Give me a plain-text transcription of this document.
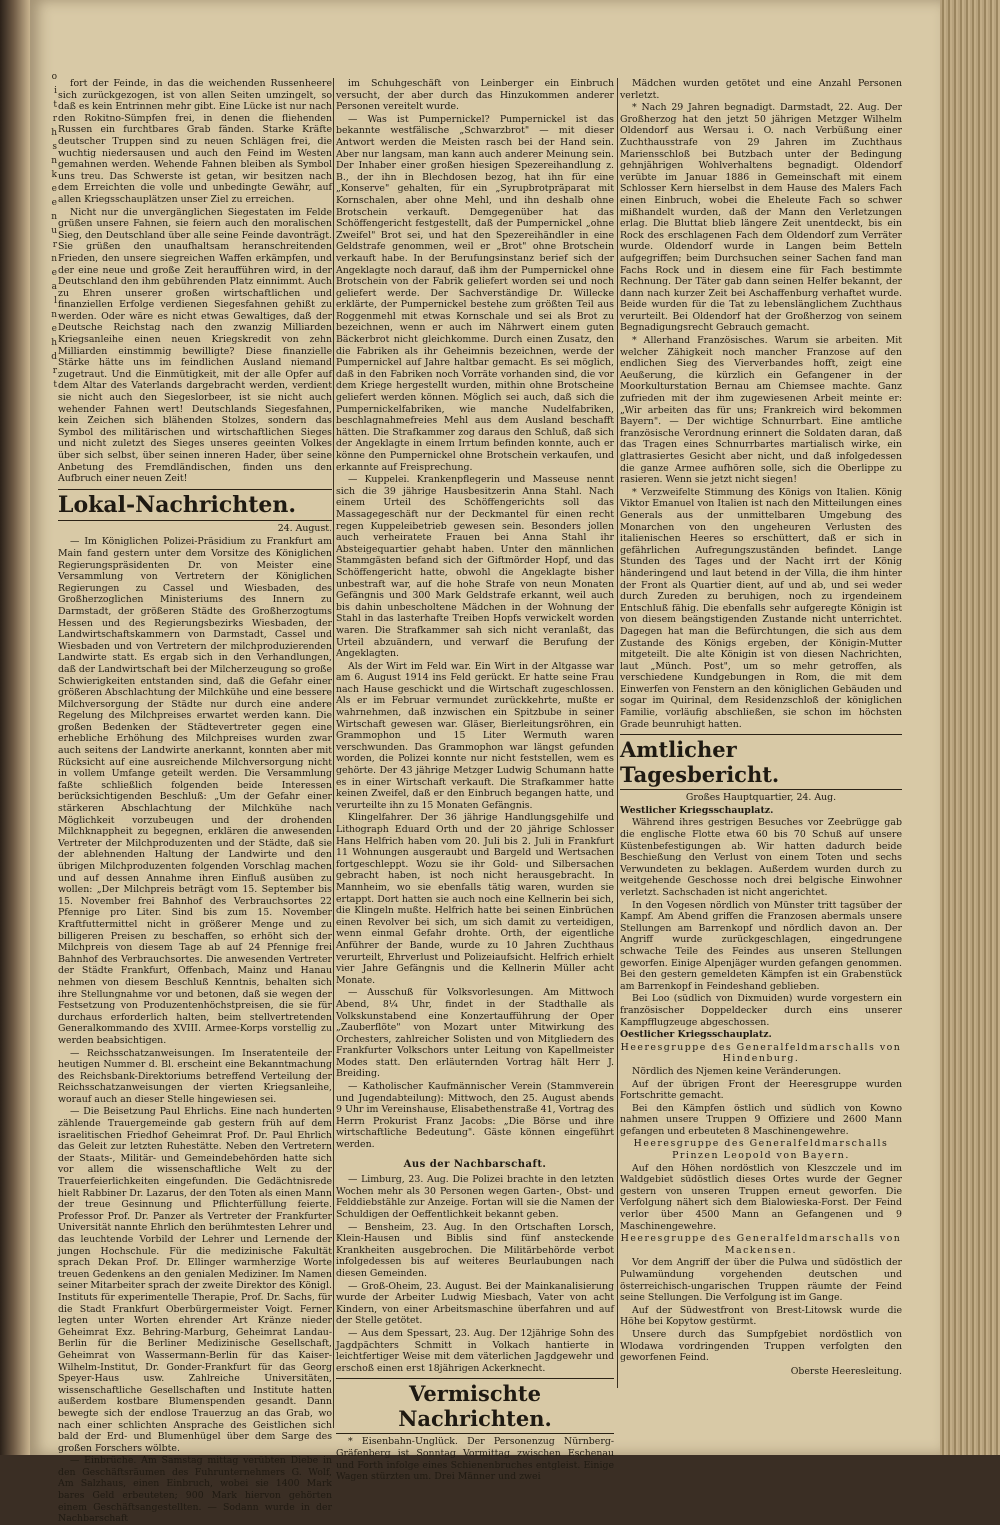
o
i
t
r
h
s
n
k
e
e
n
u
r
n
e
a
l
n
e
h
d
r
t

fort der Feinde, in das die weichenden Russenheere sich zurückgezogen, ist von allen Seiten umzingelt, so daß es kein Entrinnen mehr gibt. Eine Lücke ist nur nach den Rokitno-Sümpfen frei, in denen die fliehenden Russen ein furchtbares Grab fänden. Starke Kräfte deutscher Truppen sind zu neuen Schlägen frei, die wuchtig niedersausen und auch den Feind im Westen gemahnen werden. Wehende Fahnen bleiben als Symbol uns treu. Das Schwerste ist getan, wir besitzen nach dem Erreichten die volle und unbedingte Gewähr, auf allen Kriegsschauplätzen unser Ziel zu erreichen.

Nicht nur die unvergänglichen Siegestaten im Felde grüßen unsere Fahnen, sie feiern auch den moralischen Sieg, den Deutschland über alle seine Feinde davonträgt. Sie grüßen den unaufhaltsam heranschreitenden Frieden, den unsere siegreichen Waffen erkämpfen, und der eine neue und große Zeit heraufführen wird, in der Deutschland den ihm gebührenden Platz einnimmt. Auch zu Ehren unserer großen wirtschaftlichen und finanziellen Erfolge verdienen Siegesfahnen gehißt zu werden. Oder wäre es nicht etwas Gewaltiges, daß der Deutsche Reichstag nach den zwanzig Milliarden Kriegsanleihe einen neuen Kriegskredit von zehn Milliarden einstimmig bewilligte? Diese finanzielle Stärke hätte uns im feindlichen Ausland niemand zugetraut. Und die Einmütigkeit, mit der alle Opfer auf dem Altar des Vaterlands dargebracht werden, verdient sie nicht auch den Siegeslorbeer, ist sie nicht auch wehender Fahnen wert! Deutschlands Siegesfahnen, kein Zeichen sich blähenden Stolzes, sondern das Symbol des militärischen und wirtschaftlichen Sieges und nicht zuletzt des Sieges unseres geeinten Volkes über sich selbst, über seinen inneren Hader, über seine Anbetung des Fremdländischen, finden uns den Aufbruch einer neuen Zeit!

Lokal-Nachrichten.
24. August.

— Im Königlichen Polizei-Präsidium zu Frankfurt am Main fand gestern unter dem Vorsitze des Königlichen Regierungspräsidenten Dr. von Meister eine Versammlung von Vertretern der Königlichen Regierungen zu Cassel und Wiesbaden, des Großherzoglichen Ministeriums des Innern zu Darmstadt, der größeren Städte des Großherzogtums Hessen und des Regierungsbezirks Wiesbaden, der Landwirtschaftskammern von Darmstadt, Cassel und Wiesbaden und von Vertretern der milchproduzierenden Landwirte statt. Es ergab sich in den Verhandlungen, daß der Landwirtschaft bei der Milcherzeugung so große Schwierigkeiten entstanden sind, daß die Gefahr einer größeren Abschlachtung der Milchkühe und eine bessere Milchversorgung der Städte nur durch eine andere Regelung des Milchpreises erwartet werden kann. Die großen Bedenken der Städtevertreter gegen eine erhebliche Erhöhung des Milchpreises wurden zwar auch seitens der Landwirte anerkannt, konnten aber mit Rücksicht auf eine ausreichende Milchversorgung nicht in vollem Umfange geteilt werden. Die Versammlung faßte schließlich folgenden beide Interessen berücksichtigenden Beschluß: „Um der Gefahr einer stärkeren Abschlachtung der Milchkühe nach Möglichkeit vorzubeugen und der drohenden Milchknappheit zu begegnen, erklären die anwesenden Vertreter der Milchproduzenten und der Städte, daß sie der ablehnenden Haltung der Landwirte und den übrigen Milchproduzenten folgenden Vorschlag machen und auf dessen Annahme ihren Einfluß ausüben zu wollen: „Der Milchpreis beträgt vom 15. September bis 15. November frei Bahnhof des Verbrauchsortes 22 Pfennige pro Liter. Sind bis zum 15. November Kraftfuttermittel nicht in größerer Menge und zu billigeren Preisen zu beschaffen, so erhöht sich der Milchpreis von diesem Tage ab auf 24 Pfennige frei Bahnhof des Verbrauchsortes. Die anwesenden Vertreter der Städte Frankfurt, Offenbach, Mainz und Hanau nehmen von diesem Beschluß Kenntnis, behalten sich ihre Stellungnahme vor und betonen, daß sie wegen der Festsetzung von Produzentenhöchstpreisen, die sie für durchaus erforderlich halten, beim stellvertretenden Generalkommando des XVIII. Armee-Korps vorstellig zu werden beabsichtigen.

— Reichsschatzanweisungen. Im Inseratenteile der heutigen Nummer d. Bl. erscheint eine Bekanntmachung des Reichsbank-Direktoriums betreffend Verteilung der Reichsschatzanweisungen der vierten Kriegsanleihe, worauf auch an dieser Stelle hingewiesen sei.

— Die Beisetzung Paul Ehrlichs. Eine nach hunderten zählende Trauergemeinde gab gestern früh auf dem israelitischen Friedhof Geheimrat Prof. Dr. Paul Ehrlich das Geleit zur letzten Ruhestätte. Neben den Vertretern der Staats-, Militär- und Gemeindebehörden hatte sich vor allem die wissenschaftliche Welt zu der Trauerfeierlichkeiten eingefunden. Die Gedächtnisrede hielt Rabbiner Dr. Lazarus, der den Toten als einen Mann der treue Gesinnung und Pflichterfüllung feierte. Professor Prof. Dr. Panzer als Vertreter der Frankfurter Universität nannte Ehrlich den berühmtesten Lehrer und das leuchtende Vorbild der Lehrer und Lernende der jungen Hochschule. Für die medizinische Fakultät sprach Dekan Prof. Dr. Ellinger warmherzige Worte treuen Gedenkens an den genialen Mediziner. Im Namen seiner Mitarbeiter sprach der zweite Direktor des Königl. Instituts für experimentelle Therapie, Prof. Dr. Sachs, für die Stadt Frankfurt Oberbürgermeister Voigt. Ferner legten unter Worten ehrender Art Kränze nieder Geheimrat Exz. Behring-Marburg, Geheimrat Landau-Berlin für die Berliner Medizinische Gesellschaft, Geheimrat von Wassermann-Berlin für das Kaiser-Wilhelm-Institut, Dr. Gonder-Frankfurt für das Georg Speyer-Haus usw. Zahlreiche Universitäten, wissenschaftliche Gesellschaften und Institute hatten außerdem kostbare Blumenspenden gesandt. Dann bewegte sich der endlose Trauerzug an das Grab, wo nach einer schlichten Ansprache des Geistlichen sich bald der Erd- und Blumenhügel über dem Sarge des großen Forschers wölbte.

— Einbrüche. Am Samstag mittag verübten Diebe in den Geschäftsräumen des Fuhrunternehmers G. Wolf, Am Salzhaus, einen Einbruch, wobei sie 1400 Mark bares Geld erbeuteten; 900 Mark hiervon gehörten einem Geschäftsangestellten. — Sodann wurde in der Nachbarschaft

im Schuhgeschäft von Leinberger ein Einbruch versucht, der aber durch das Hinzukommen anderer Personen vereitelt wurde.

— Was ist Pumpernickel? Pumpernickel ist das bekannte westfälische „Schwarzbrot" — mit dieser Antwort werden die Meisten rasch bei der Hand sein. Aber nur langsam, man kann auch anderer Meinung sein. Der Inhaber einer großen hiesigen Spezereihandlung z. B., der ihn in Blechdosen bezog, hat ihn für eine „Konserve" gehalten, für ein „Syrupbrotpräparat mit Kornschalen, aber ohne Mehl, und ihn deshalb ohne Brotschein verkauft. Demgegenüber hat das Schöffengericht festgestellt, daß der Pumpernickel „ohne Zweifel" Brot sei, und hat den Spezereihändler in eine Geldstrafe genommen, weil er „Brot" ohne Brotschein verkauft habe. In der Berufungsinstanz berief sich der Angeklagte noch darauf, daß ihm der Pumpernickel ohne Brotschein von der Fabrik geliefert worden sei und noch geliefert werde. Der Sachverständige Dr. Willecke erklärte, der Pumpernickel bestehe zum größten Teil aus Roggenmehl mit etwas Kornschale und sei als Brot zu bezeichnen, wenn er auch im Nährwert einem guten Bäckerbrot nicht gleichkomme. Durch einen Zusatz, den die Fabriken als ihr Geheimnis bezeichnen, werde der Pumpernickel auf Jahre haltbar gemacht. Es sei möglich, daß in den Fabriken noch Vorräte vorhanden sind, die vor dem Kriege hergestellt wurden, mithin ohne Brotscheine geliefert werden können. Möglich sei auch, daß sich die Pumpernickelfabriken, wie manche Nudelfabriken, beschlagnahmefreies Mehl aus dem Ausland beschafft hätten. Die Strafkammer zog daraus den Schluß, daß sich der Angeklagte in einem Irrtum befinden konnte, auch er könne den Pumpernickel ohne Brotschein verkaufen, und erkannte auf Freisprechung.

— Kuppelei. Krankenpflegerin und Masseuse nennt sich die 39 jährige Hausbesitzerin Anna Stahl. Nach einem Urteil des Schöffengerichts soll das Massagegeschäft nur der Deckmantel für einen recht regen Kuppeleibetrieb gewesen sein. Besonders jollen auch verheiratete Frauen bei Anna Stahl ihr Absteigequartier gehabt haben. Unter den männlichen Stammgästen befand sich der Giftmörder Hopf, und das Schöffengericht hatte, obwohl die Angeklagte bisher unbestraft war, auf die hohe Strafe von neun Monaten Gefängnis und 300 Mark Geldstrafe erkannt, weil auch bis dahin unbescholtene Mädchen in der Wohnung der Stahl in das lasterhafte Treiben Hopfs verwickelt worden waren. Die Strafkammer sah sich nicht veranlaßt, das Urteil abzuändern, und verwarf die Berufung der Angeklagten.

Als der Wirt im Feld war. Ein Wirt in der Altgasse war am 6. August 1914 ins Feld gerückt. Er hatte seine Frau nach Hause geschickt und die Wirtschaft zugeschlossen. Als er im Februar vermundet zurückkehrte, mußte er wahrnehmen, daß inzwischen ein Spitzbube in seiner Wirtschaft gewesen war. Gläser, Bierleitungsröhren, ein Grammophon und 15 Liter Wermuth waren verschwunden. Das Grammophon war längst gefunden worden, die Polizei konnte nur nicht feststellen, wem es gehörte. Der 43 jährige Metzger Ludwig Schumann hatte es in einer Wirtschaft verkauft. Die Strafkammer hatte keinen Zweifel, daß er den Einbruch begangen hatte, und verurteilte ihn zu 15 Monaten Gefängnis.

Klingelfahrer. Der 36 jährige Handlungsgehilfe und Lithograph Eduard Orth und der 20 jährige Schlosser Hans Helfrich haben vom 20. Juli bis 2. Juli in Frankfurt 11 Wohnungen ausgeraubt und Bargeld und Wertsachen fortgeschleppt. Wozu sie ihr Gold- und Silbersachen gebracht haben, ist noch nicht herausgebracht. In Mannheim, wo sie ebenfalls tätig waren, wurden sie ertappt. Dort hatten sie auch noch eine Kellnerin bei sich, die Klingeln mußte. Helfrich hatte bei seinen Einbrüchen einen Revolver bei sich, um sich damit zu verteidigen, wenn einmal Gefahr drohte. Orth, der eigentliche Anführer der Bande, wurde zu 10 Jahren Zuchthaus verurteilt, Ehrverlust und Polizeiaufsicht. Helfrich erhielt vier Jahre Gefängnis und die Kellnerin Müller acht Monate.

— Ausschuß für Volksvorlesungen. Am Mittwoch Abend, 8¼ Uhr, findet in der Stadthalle als Volkskunstabend eine Konzertaufführung der Oper „Zauberflöte" von Mozart unter Mitwirkung des Orchesters, zahlreicher Solisten und von Mitgliedern des Frankfurter Volkschors unter Leitung von Kapellmeister Modes statt. Den erläuternden Vortrag hält Herr J. Breiding.

— Katholischer Kaufmännischer Verein (Stammverein und Jugendabteilung): Mittwoch, den 25. August abends 9 Uhr im Vereinshause, Elisabethenstraße 41, Vortrag des Herrn Prokurist Franz Jacobs: „Die Börse und ihre wirtschaftliche Bedeutung". Gäste können eingeführt werden.

Aus der Nachbarschaft.

— Limburg, 23. Aug. Die Polizei brachte in den letzten Wochen mehr als 30 Personen wegen Garten-, Obst- und Felddiebstähle zur Anzeige. Fortan will sie die Namen der Schuldigen der Oeffentlichkeit bekannt geben.

— Bensheim, 23. Aug. In den Ortschaften Lorsch, Klein-Hausen und Biblis sind fünf ansteckende Krankheiten ausgebrochen. Die Militärbehörde verbot infolgedessen bis auf weiteres Beurlaubungen nach diesen Gemeinden.

— Groß-Oheim, 23. August. Bei der Mainkanalisierung wurde der Arbeiter Ludwig Miesbach, Vater von acht Kindern, von einer Arbeitsmaschine überfahren und auf der Stelle getötet.

— Aus dem Spessart, 23. Aug. Der 12jährige Sohn des Jagdpächters Schmitt in Volkach hantierte in leichtfertiger Weise mit dem väterlichen Jagdgewehr und erschoß einen erst 18jährigen Ackerknecht.

Vermischte Nachrichten.

* Eisenbahn-Unglück. Der Personenzug Nürnberg-Gräfenberg ist Sonntag Vormittag zwischen Eschenau und Forth infolge eines Schienenbruches entgleist. Einige Wagen stürzten um. Drei Männer und zwei

Mädchen wurden getötet und eine Anzahl Personen verletzt.

* Nach 29 Jahren begnadigt. Darmstadt, 22. Aug. Der Großherzog hat den jetzt 50 jährigen Metzger Wilhelm Oldendorf aus Wersau i. O. nach Verbüßung einer Zuchthausstrafe von 29 Jahren im Zuchthaus Mariensschloß bei Butzbach unter der Bedingung gehnjährigen Wohlverhaltens begnadigt. Oldendorf verübte im Januar 1886 in Gemeinschaft mit einem Schlosser Kern hierselbst in dem Hause des Malers Fach einen Einbruch, wobei die Eheleute Fach so schwer mißhandelt wurden, daß der Mann den Verletzungen erlag. Die Bluttat blieb längere Zeit unentdeckt, bis ein Rock des erschlagenen Fach dem Oldendorf zum Verräter wurde. Oldendorf wurde in Langen beim Betteln aufgegriffen; beim Durchsuchen seiner Sachen fand man Fachs Rock und in diesem eine für Fach bestimmte Rechnung. Der Täter gab dann seinen Helfer bekannt, der dann nach kurzer Zeit bei Aschaffenburg verhaftet wurde. Beide wurden für die Tat zu lebenslänglichem Zuchthaus verurteilt. Bei Oldendorf hat der Großherzog von seinem Begnadigungsrecht Gebrauch gemacht.

* Allerhand Französisches. Warum sie arbeiten. Mit welcher Zähigkeit noch mancher Franzose auf den endlichen Sieg des Vierverbandes hofft, zeigt eine Aeußerung, die kürzlich ein Gefangener in der Moorkulturstation Bernau am Chiemsee machte. Ganz zufrieden mit der ihm zugewiesenen Arbeit meinte er: „Wir arbeiten das für uns; Frankreich wird bekommen Bayern". — Der wichtige Schnurrbart. Eine amtliche französische Verordnung erinnert die Soldaten daran, daß das Tragen eines Schnurrbartes martialisch wirke, ein glattrasiertes Gesicht aber nicht, und daß infolgedessen die ganze Armee aufhören solle, sich die Oberlippe zu rasieren. Wenn sie jetzt nicht siegen!

* Verzweifelte Stimmung des Königs von Italien. König Viktor Emanuel von Italien ist nach den Mitteilungen eines Generals aus der unmittelbaren Umgebung des Monarchen von den ungeheuren Verlusten des italienischen Heeres so erschüttert, daß er sich in gefährlichen Aufregungszuständen befindet. Lange Stunden des Tages und der Nacht irrt der König händeringend und laut betend in der Villa, die ihm hinter der Front als Quartier dient, auf und ab, und sei weder durch Zureden zu beruhigen, noch zu irgendeinem Entschluß fähig. Die ebenfalls sehr aufgeregte Königin ist von diesem beängstigenden Zustande nicht unterrichtet. Dagegen hat man die Befürchtungen, die sich aus dem Zustande des Königs ergeben, der Königin-Mutter mitgeteilt. Die alte Königin ist von diesen Nachrichten, laut „Münch. Post", um so mehr getroffen, als verschiedene Kundgebungen in Rom, die mit dem Einwerfen von Fenstern an den königlichen Gebäuden und sogar im Quirinal, dem Residenzschloß der königlichen Familie, vorläufig abschließen, sie schon im höchsten Grade beunruhigt hatten.

Amtlicher Tagesbericht.
Großes Hauptquartier, 24. Aug.
Westlicher Kriegsschauplatz.

Während ihres gestrigen Besuches vor Zeebrügge gab die englische Flotte etwa 60 bis 70 Schuß auf unsere Küstenbefestigungen ab. Wir hatten dadurch beide Beschießung den Verlust von einem Toten und sechs Verwundeten zu beklagen. Außerdem wurden durch zu weitgehende Geschosse noch drei belgische Einwohner verletzt. Sachschaden ist nicht angerichtet.

In den Vogesen nördlich von Münster tritt tagsüber der Kampf. Am Abend griffen die Franzosen abermals unsere Stellungen am Barrenkopf und nördlich davon an. Der Angriff wurde zurückgeschlagen, eingedrungene schwache Teile des Feindes aus unseren Stellungen geworfen. Einige Alpenjäger wurden gefangen genommen. Bei den gestern gemeldeten Kämpfen ist ein Grabenstück am Barrenkopf in Feindeshand geblieben.

Bei Loo (südlich von Dixmuiden) wurde vorgestern ein französischer Doppeldecker durch eins unserer Kampfflugzeuge abgeschossen.

Oestlicher Kriegsschauplatz.
Heeresgruppe des Generalfeldmarschalls von Hindenburg.

Nördlich des Njemen keine Veränderungen.

Auf der übrigen Front der Heeresgruppe wurden Fortschritte gemacht.

Bei den Kämpfen östlich und südlich von Kowno nahmen unsere Truppen 9 Offiziere und 2600 Mann gefangen und erbeuteten 8 Maschinengewehre.

Heeresgruppe des Generalfeldmarschalls Prinzen Leopold von Bayern.

Auf den Höhen nordöstlich von Kleszczele und im Waldgebiet südöstlich dieses Ortes wurde der Gegner gestern von unseren Truppen erneut geworfen. Die Verfolgung nähert sich dem Bialowieska-Forst. Der Feind verlor über 4500 Mann an Gefangenen und 9 Maschinengewehre.

Heeresgruppe des Generalfeldmarschalls von Mackensen.

Vor dem Angriff der über die Pulwa und südöstlich der Pulwamündung vorgehenden deutschen und österreichisch-ungarischen Truppen räumte der Feind seine Stellungen. Die Verfolgung ist im Gange.

Auf der Südwestfront von Brest-Litowsk wurde die Höhe bei Kopytow gestürmt.

Unsere durch das Sumpfgebiet nordöstlich von Wlodawa vordringenden Truppen verfolgten den geworfenen Feind.

Oberste Heeresleitung.
